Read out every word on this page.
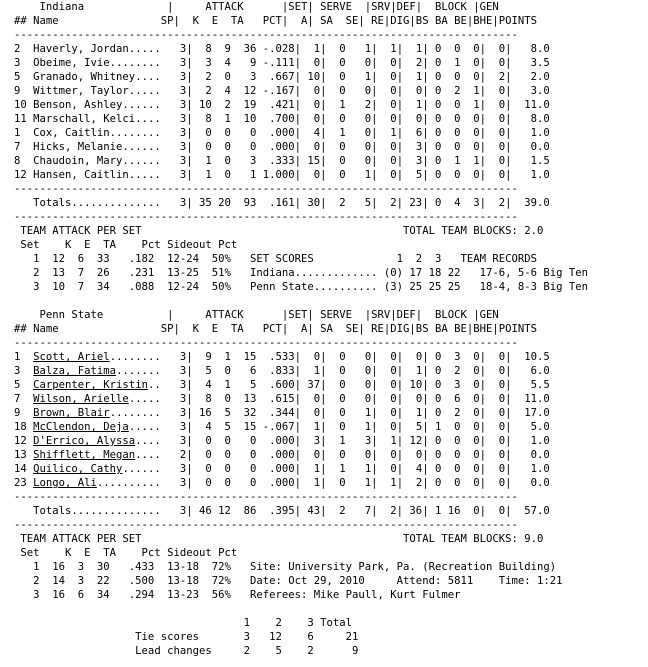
Indiana             |     ATTACK      |SET| SERVE  |SRV|DEF|  BLOCK |GEN
## Name                SP|  K  E  TA   PCT|  A| SA  SE| RE|DIG|BS BA BE|BHE|POINTS
-------------------------------------------------------------------------------
2  Haverly, Jordan.....   3|  8  9  36 -.028|  1|  0   1|  1|  1| 0  0  0|  0|   8.0
3  Obeime, Ivie........   3|  3  4   9 -.111|  0|  0   0|  0|  2| 0  1  0|  0|   3.5
5  Granado, Whitney....   3|  2  0   3  .667| 10|  0   1|  0|  1| 0  0  0|  2|   2.0
9  Wittmer, Taylor.....   3|  2  4  12 -.167|  0|  0   0|  0|  0| 0  2  1|  0|   3.0
10 Benson, Ashley......   3| 10  2  19  .421|  0|  1   2|  0|  1| 0  0  1|  0|  11.0
11 Marschall, Kelci....   3|  8  1  10  .700|  0|  0   0|  0|  0| 0  0  0|  0|   8.0
1  Cox, Caitlin........   3|  0  0   0  .000|  4|  1   0|  1|  6| 0  0  0|  0|   1.0
7  Hicks, Melanie......   3|  0  0   0  .000|  0|  0   0|  0|  3| 0  0  0|  0|   0.0
8  Chaudoin, Mary......   3|  1  0   3  .333| 15|  0   0|  0|  3| 0  1  1|  0|   1.5
12 Hansen, Caitlin.....   3|  1  0   1 1.000|  0|  0   1|  0|  5| 0  0  0|  0|   1.0
-------------------------------------------------------------------------------
Totals..............   3| 35 20  93  .161| 30|  2   5|  2| 23| 0  4  3|  2|  39.0
-------------------------------------------------------------------------------
TEAM ATTACK PER SET                                         TOTAL TEAM BLOCKS: 2.0
Set    K  E  TA    Pct Sideout Pct
1  12  6  33   .182  12-24  50%   SET SCORES             1  2  3   TEAM RECORDS
2  13  7  26   .231  13-25  51%   Indiana............. (0) 17 18 22   17-6, 5-6 Big Ten
3  10  7  34   .088  12-24  50%   Penn State.......... (3) 25 25 25   18-4, 8-3 Big Ten
Penn State          |     ATTACK      |SET| SERVE  |SRV|DEF|  BLOCK |GEN
## Name                SP|  K  E  TA   PCT|  A| SA  SE| RE|DIG|BS BA BE|BHE|POINTS
-------------------------------------------------------------------------------
1  Scott, Ariel........   3|  9  1  15  .533|  0|  0   0|  0|  0| 0  3  0|  0|  10.5
3  Balza, Fatima.......   3|  5  0   6  .833|  1|  0   0|  0|  1| 0  2  0|  0|   6.0
5  Carpenter, Kristin..   3|  4  1   5  .600| 37|  0   0|  0| 10| 0  3  0|  0|   5.5
7  Wilson, Arielle.....   3|  8  0  13  .615|  0|  0   0|  0|  0| 0  6  0|  0|  11.0
9  Brown, Blair........   3| 16  5  32  .344|  0|  0   1|  0|  1| 0  2  0|  0|  17.0
18 McClendon, Deja.....   3|  4  5  15 -.067|  1|  0   1|  0|  5| 1  0  0|  0|   5.0
12 D'Errico, Alyssa....   3|  0  0   0  .000|  3|  1   3|  1| 12| 0  0  0|  0|   1.0
13 Shifflett, Megan....   2|  0  0   0  .000|  0|  0   0|  0|  0| 0  0  0|  0|   0.0
14 Quilico, Cathy......   3|  0  0   0  .000|  1|  1   1|  0|  4| 0  0  0|  0|   1.0
23 Longo, Ali..........   3|  0  0   0  .000|  1|  0   1|  1|  2| 0  0  0|  0|   0.0
-------------------------------------------------------------------------------
Totals..............   3| 46 12  86  .395| 43|  2   7|  2| 36| 1 16  0|  0|  57.0
-------------------------------------------------------------------------------
TEAM ATTACK PER SET                                         TOTAL TEAM BLOCKS: 9.0
Set    K  E  TA    Pct Sideout Pct
1  16  3  30   .433  13-18  72%   Site: University Park, Pa. (Recreation Building)
2  14  3  22   .500  13-18  72%   Date: Oct 29, 2010     Attend: 5811    Time: 1:21
3  16  6  34   .294  13-23  56%   Referees: Mike Paull, Kurt Fulmer
1    2    3 Total
Tie scores       3   12    6     21
Lead changes     2    5    2      9
